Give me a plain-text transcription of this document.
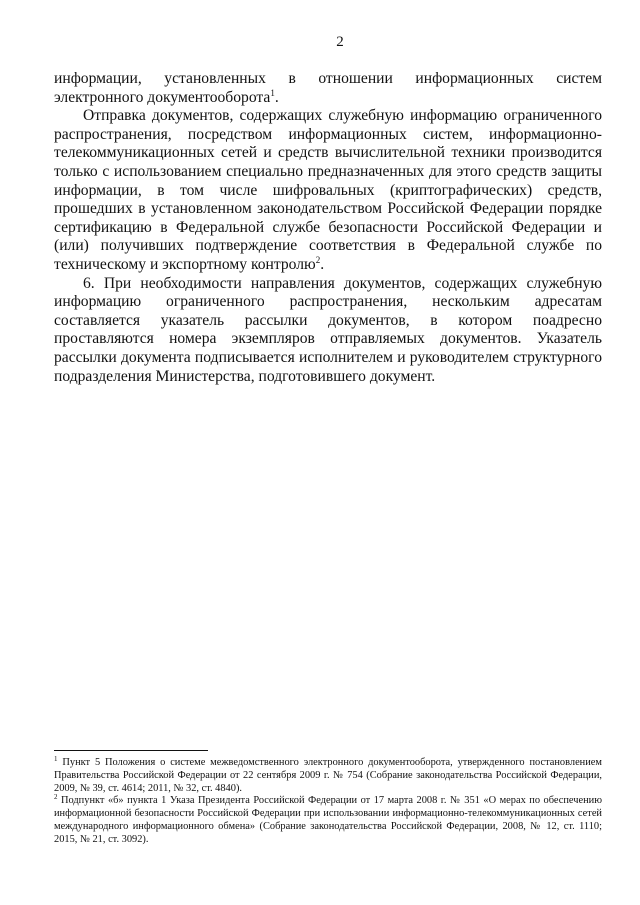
2

информации, установленных в отношении информационных систем электронного документооборота$^1$.

Отправка документов, содержащих служебную информацию ограниченного распространения, посредством информационных систем, информационно-телекоммуникационных сетей и средств вычислительной техники производится только с использованием специально предназначенных для этого средств защиты информации, в том числе шифровальных (криптографических) средств, прошедших в установленном законодательством Российской Федерации порядке сертификацию в Федеральной службе безопасности Российской Федерации и (или) получивших подтверждение соответствия в Федеральной службе по техническому и экспортному контролю$^2$.

6. При необходимости направления документов, содержащих служебную информацию ограниченного распространения, нескольким адресатам составляется указатель рассылки документов, в котором поадресно проставляются номера экземпляров отправляемых документов. Указатель рассылки документа подписывается исполнителем и руководителем структурного подразделения Министерства, подготовившего документ.

$^1$ Пункт 5 Положения о системе межведомственного электронного документооборота, утвержденного постановлением Правительства Российской Федерации от 22 сентября 2009 г. № 754 (Собрание законодательства Российской Федерации, 2009, № 39, ст. 4614; 2011, № 32, ст. 4840).

$^2$ Подпункт «б» пункта 1 Указа Президента Российской Федерации от 17 марта 2008 г. № 351 «О мерах по обеспечению информационной безопасности Российской Федерации при использовании информационно-телекоммуникационных сетей международного информационного обмена» (Собрание законодательства Российской Федерации, 2008, № 12, ст. 1110; 2015, № 21, ст. 3092).
